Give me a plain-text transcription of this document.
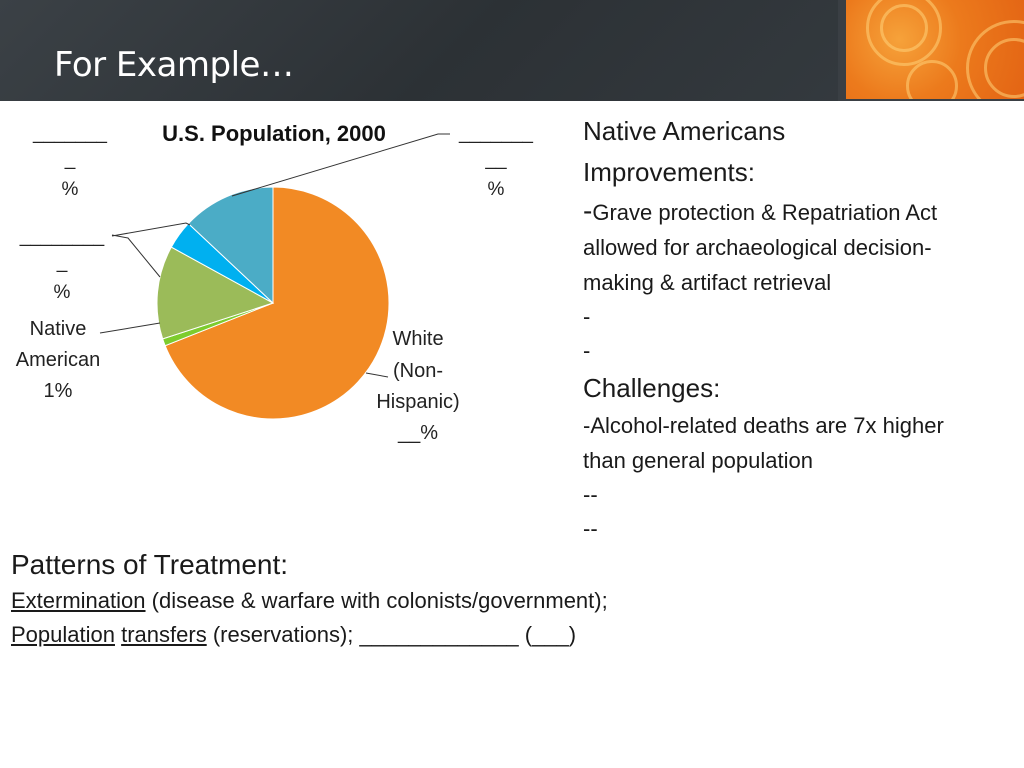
For Example…
U.S. Population, 2000
_______
_
%
________
_
%
Native
American
1%
_______
__
%
White
(Non-
Hispanic)
__%
Native Americans
Improvements:
-Grave protection & Repatriation Act
allowed for archaeological decision-
making & artifact retrieval
-
-
Challenges:
-Alcohol-related deaths are 7x higher
than general population
--
--
Patterns of Treatment:
Extermination (disease & warfare with colonists/government);
Population transfers (reservations); _____________ (___)
